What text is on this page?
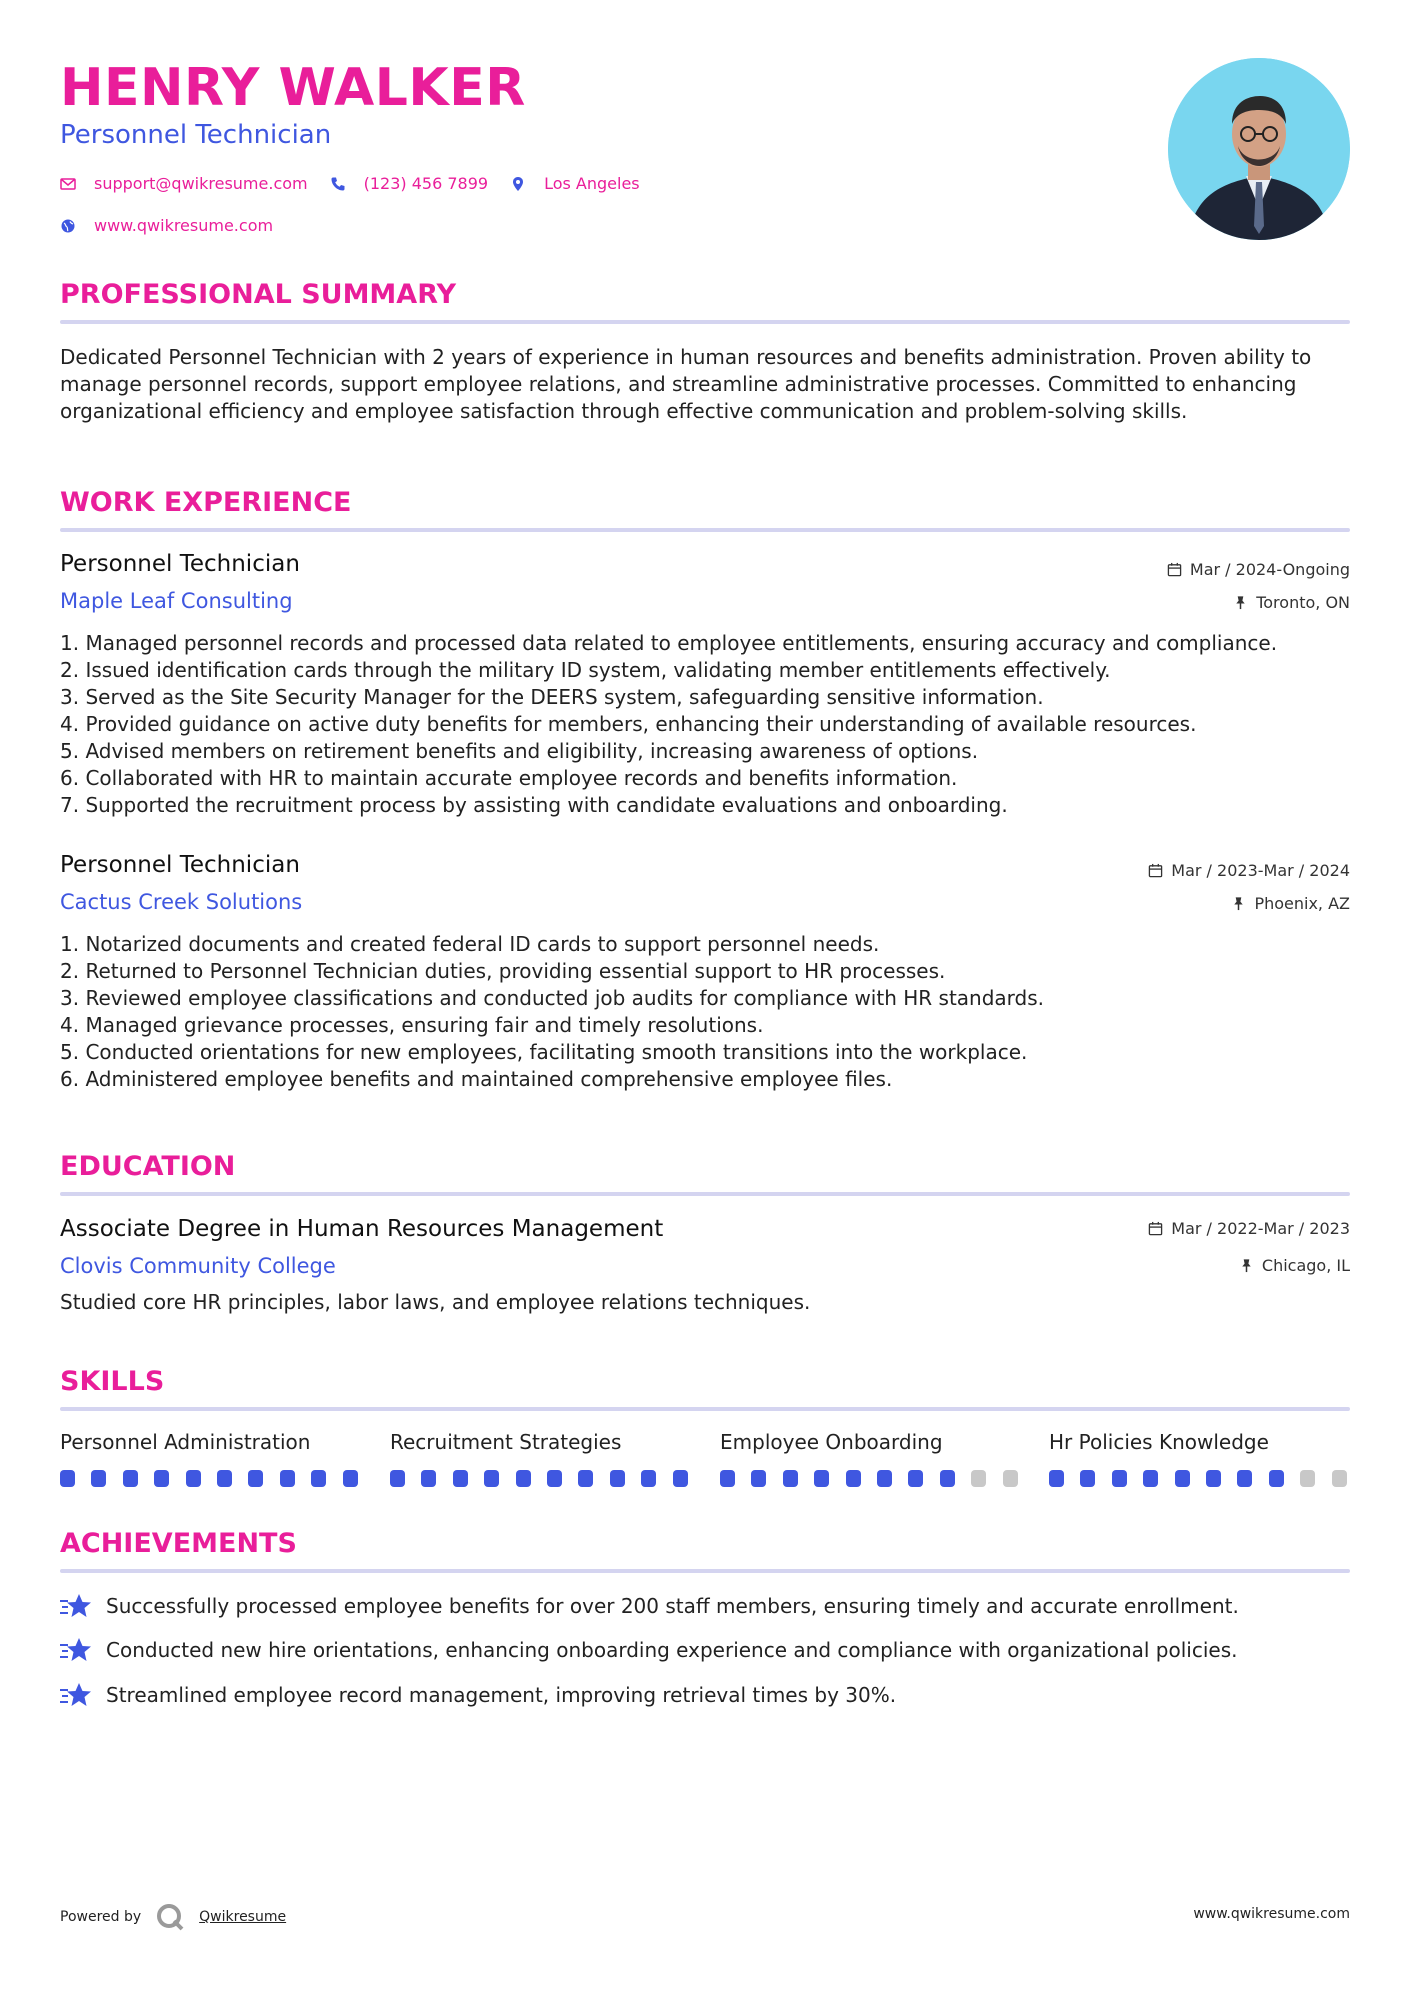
HENRY WALKER
Personnel Technician
support@qwikresume.com	(123) 456 7899	Los Angeles
www.qwikresume.com
PROFESSIONAL SUMMARY
Dedicated Personnel Technician with 2 years of experience in human resources and benefits administration. Proven ability to manage personnel records, support employee relations, and streamline administrative processes. Committed to enhancing organizational efficiency and employee satisfaction through effective communication and problem-solving skills.
WORK EXPERIENCE
Personnel Technician
Maple Leaf Consulting
Mar / 2024-Ongoing
Toronto, ON
1. Managed personnel records and processed data related to employee entitlements, ensuring accuracy and compliance.
2. Issued identification cards through the military ID system, validating member entitlements effectively.
3. Served as the Site Security Manager for the DEERS system, safeguarding sensitive information.
4. Provided guidance on active duty benefits for members, enhancing their understanding of available resources.
5. Advised members on retirement benefits and eligibility, increasing awareness of options.
6. Collaborated with HR to maintain accurate employee records and benefits information.
7. Supported the recruitment process by assisting with candidate evaluations and onboarding.
Personnel Technician
Cactus Creek Solutions
Mar / 2023-Mar / 2024
Phoenix, AZ
1. Notarized documents and created federal ID cards to support personnel needs.
2. Returned to Personnel Technician duties, providing essential support to HR processes.
3. Reviewed employee classifications and conducted job audits for compliance with HR standards.
4. Managed grievance processes, ensuring fair and timely resolutions.
5. Conducted orientations for new employees, facilitating smooth transitions into the workplace.
6. Administered employee benefits and maintained comprehensive employee files.
EDUCATION
Associate Degree in Human Resources Management
Clovis Community College
Mar / 2022-Mar / 2023
Chicago, IL
Studied core HR principles, labor laws, and employee relations techniques.
SKILLS
Personnel Administration	Recruitment Strategies	Employee Onboarding	Hr Policies Knowledge
ACHIEVEMENTS
Successfully processed employee benefits for over 200 staff members, ensuring timely and accurate enrollment.
Conducted new hire orientations, enhancing onboarding experience and compliance with organizational policies.
Streamlined employee record management, improving retrieval times by 30%.
Powered by	Qwikresume	www.qwikresume.com
